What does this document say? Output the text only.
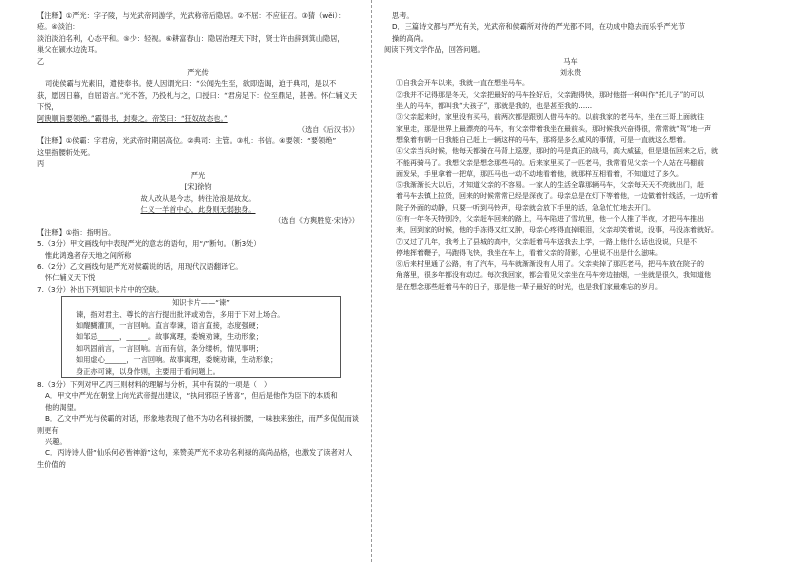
【注释】①严光：字子陵，与光武帝同游学，光武称帝后隐居。②不屈：不应征召。③猜（wěi）：疮。④淡泊：

淡泊淡泊名利，心态平和。⑤少：轻视。⑥耕富春山：隐居治理天下时，贤士许由辞到箕山隐居，

巢父在颍水边洗耳。

乙

严光传

司徒侯霸与光素旧，遣使奉书。使人因谓光曰：“公闻先生至，欲即造谒，迫于典司，是以不

获，愿因日暮，自屈语言。”光不答，乃投札与之，口授曰：“君房足下：位至鼎足，甚善。怀仁辅义天下悦，

阿谀顺旨要领绝。”霸得书，封奏之。帝笑曰：“狂奴故态也。”

（选自《后汉书》）

【注释】①侯霸：字君房，光武帝时期居高位。②典司：主管。③札：书信。④要领：“要领绝”

这里指腰斩处死。

丙

严光

[宋]徐钧

故人改从是今志，转往沧浪是故友。

仁义一羊首中心，此身则无弱独身。

（选自《方舆胜览·宋诗》）

【注释】①指：指明旨。

5.（3分）甲文画线句中表现严光的意志的语句，用“/”断句。（断3处）

惟此鸿逸者存天地之间所称

6.（2分）乙文画线句是严光对侯霸说的话，用现代汉语翻译它。

怀仁辅义天下悦

7.（3分）补出下列知识卡片中的空缺。

知识卡片——“谏”

谏，指对君主、尊长的言行提出批评或劝告，多用于下对上场合。

如醍醐灌顶，一言回响。直言奉谏，语言直接，态度强硬；

如邹忌______，______。故事寓理，委婉劝谏，生动形象；

如巩固前言，一言回响。言而有信，条分缕析，情见事明；

如用虚心______，一言回响。故事寓理，委婉劝谏，生动形象；

身正亦可谏，以身作则，主要用于看问题上。

8.（3分）下列对甲乙丙三则材料的理解与分析，其中有误的一项是（　）

A．甲文中严光在朝堂上向光武帝提出建议，“执问邪臣子皆喜”，但后是他作为臣下的本质和

他的渴望。

B．乙文中严光与侯霸的对话，形象地表现了他不为功名利禄折腰，一味独来独往，而严多侃侃而谈则更有

兴趣。

C．丙诗诗人借“仙乐何必皆神游”这句，来赞美严光不求功名利禄的高尚品格，也激发了读者对人生价值的

思考。

D．三篇诗文都与严光有关，光武帝和侯霸所对待的严光都不同，在功成中隐去而乐乎严光节

操的高尚。

阅读下列文学作品，回答问题。

马车

刘永贵

①自我会开车以来，我就一直在想坐马车。

②我并不记得那是冬天，父亲把最好的马车拴好后，父亲跑得快，那时他搭一种叫作“托儿子”的可以

坐人的马车，都叫我“大孩子”，那就是我的，也是甚至我的……

③父亲起来时，家里没有买马，前两次都是跟别人借马车的。以前我家的老马车，坐在三哥上面就往

家里走，那是世界上最漂亮的马车，有父亲带着我坐在最前头，那时候我兴奋得很，常常就“驾”地一声

想象着有朝一日我能自己赶上一辆这样的马车，那将是多么威风的事情，可是一直就这么想着。

④父亲当兵时候，他每天都骑在马背上巡逻，那时的马是真正的战马，高大威猛，但是退伍回来之后，就

不能再骑马了。我想父亲是想念那些马的。后来家里买了一匹老马，我常看见父亲一个人站在马棚前

面发呆，手里拿着一把草，那匹马也一动不动地看着他，就那样互相看着，不知道过了多久。

⑤我渐渐长大以后，才知道父亲的不容易。一家人的生活全靠那辆马车，父亲每天天不亮就出门，赶

着马车去镇上拉货，回来的时候常常已经是深夜了。母亲总是在灯下等着他，一边做着针线活，一边听着

院子外面的动静，只要一听到马铃声，母亲就会放下手里的活，急急忙忙地去开门。

⑥有一年冬天特别冷，父亲赶车回来的路上，马车陷进了雪坑里，他一个人推了半夜，才把马车推出

来，回到家的时候，他的手冻得又红又肿，母亲心疼得直掉眼泪，父亲却笑着说，没事，马没冻着就好。

⑦又过了几年，我考上了县城的高中，父亲赶着马车送我去上学，一路上他什么话也没说，只是不

停地挥着鞭子，马跑得飞快，我坐在车上，看着父亲的背影，心里说不出是什么滋味。

⑧后来村里通了公路，有了汽车，马车就渐渐没有人用了。父亲卖掉了那匹老马，把马车放在院子的

角落里，很多年都没有动过。每次我回家，都会看见父亲坐在马车旁边抽烟，一坐就是很久，我知道他

是在想念那些赶着马车的日子，那是他一辈子最好的时光，也是我们家最难忘的岁月。
